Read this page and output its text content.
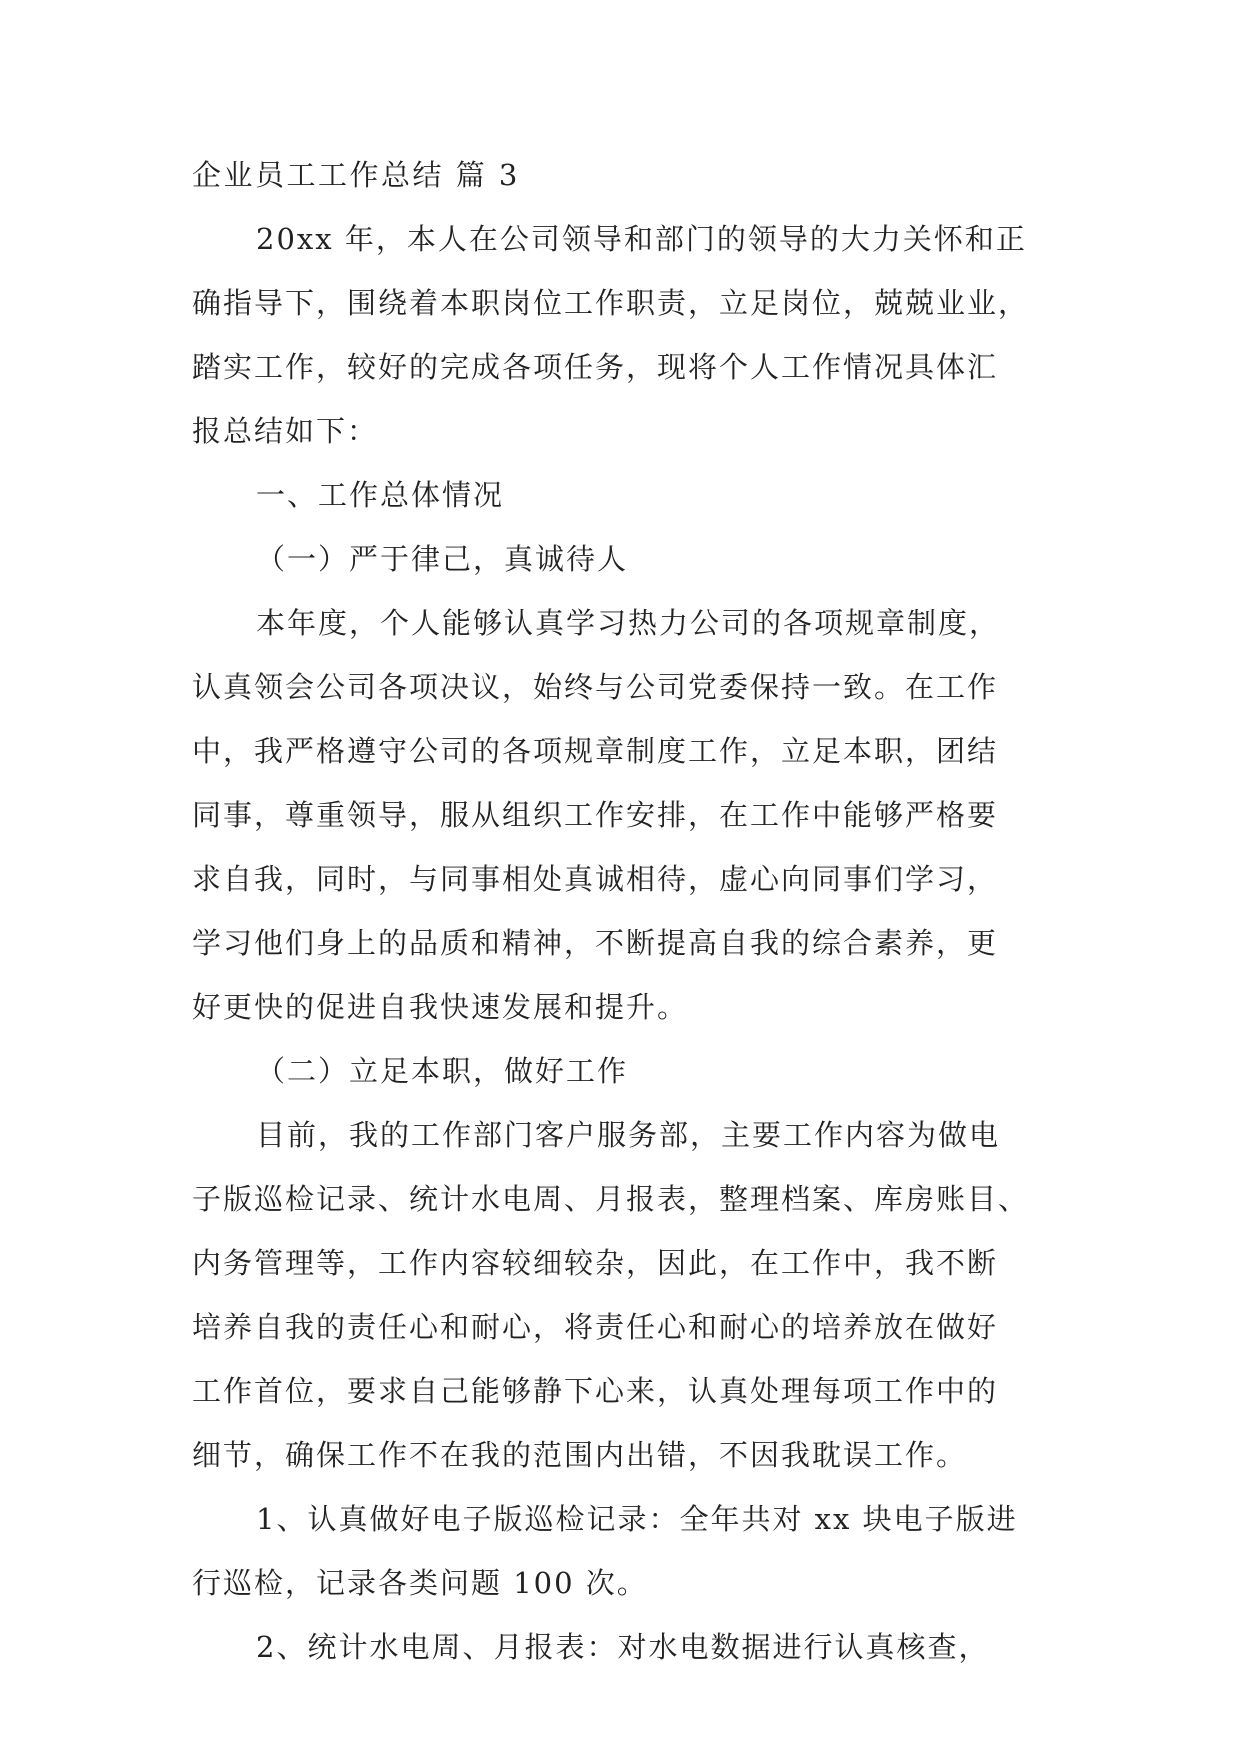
企业员工工作总结 篇 3

20xx 年，本人在公司领导和部门的领导的大力关怀和正

确指导下，围绕着本职岗位工作职责，立足岗位，兢兢业业，

踏实工作，较好的完成各项任务，现将个人工作情况具体汇

报总结如下：

一、工作总体情况

（一）严于律己，真诚待人

本年度，个人能够认真学习热力公司的各项规章制度，

认真领会公司各项决议，始终与公司党委保持一致。在工作

中，我严格遵守公司的各项规章制度工作，立足本职，团结

同事，尊重领导，服从组织工作安排，在工作中能够严格要

求自我，同时，与同事相处真诚相待，虚心向同事们学习，

学习他们身上的品质和精神，不断提高自我的综合素养，更

好更快的促进自我快速发展和提升。

（二）立足本职，做好工作

目前，我的工作部门客户服务部，主要工作内容为做电

子版巡检记录、统计水电周、月报表，整理档案、库房账目、

内务管理等，工作内容较细较杂，因此，在工作中，我不断

培养自我的责任心和耐心，将责任心和耐心的培养放在做好

工作首位，要求自己能够静下心来，认真处理每项工作中的

细节，确保工作不在我的范围内出错，不因我耽误工作。

1、认真做好电子版巡检记录：全年共对 xx 块电子版进

行巡检，记录各类问题 100 次。

2、统计水电周、月报表：对水电数据进行认真核查，
